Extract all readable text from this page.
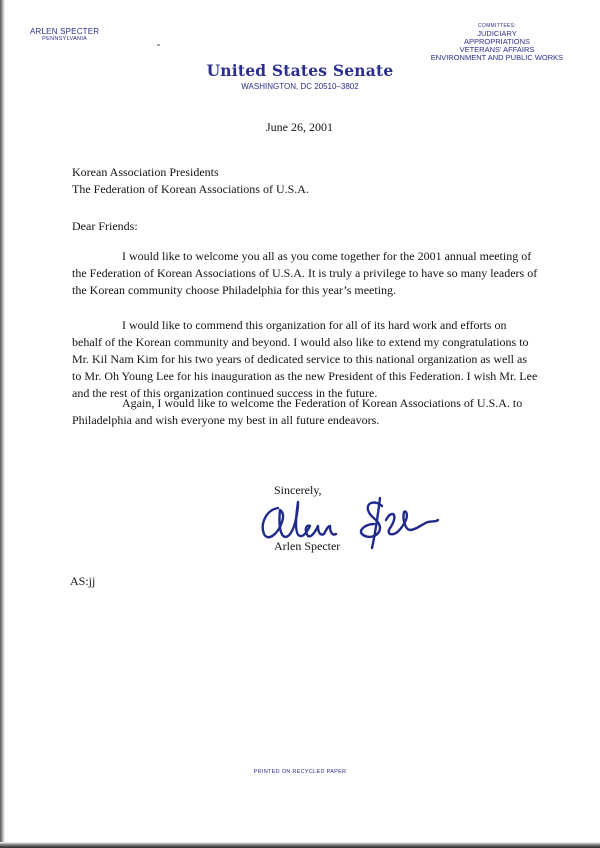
ARLEN SPECTER
PENNSYLVANIA
COMMITTEES:
JUDICIARY
APPROPRIATIONS
VETERANS' AFFAIRS
ENVIRONMENT AND PUBLIC WORKS
United States Senate
WASHINGTON, DC 20510–3802
June 26, 2001
Korean Association Presidents
The Federation of Korean Associations of U.S.A.
Dear Friends:
I would like to welcome you all as you come together for the 2001 annual meeting of the Federation of Korean Associations of U.S.A. It is truly a privilege to have so many leaders of the Korean community choose Philadelphia for this year’s meeting.
I would like to commend this organization for all of its hard work and efforts on behalf of the Korean community and beyond. I would also like to extend my congratulations to Mr. Kil Nam Kim for his two years of dedicated service to this national organization as well as to Mr. Oh Young Lee for his inauguration as the new President of this Federation. I wish Mr. Lee and the rest of this organization continued success in the future.
Again, I would like to welcome the Federation of Korean Associations of U.S.A. to Philadelphia and wish everyone my best in all future endeavors.
Sincerely,
Arlen Specter
AS:jj
PRINTED ON RECYCLED PAPER
